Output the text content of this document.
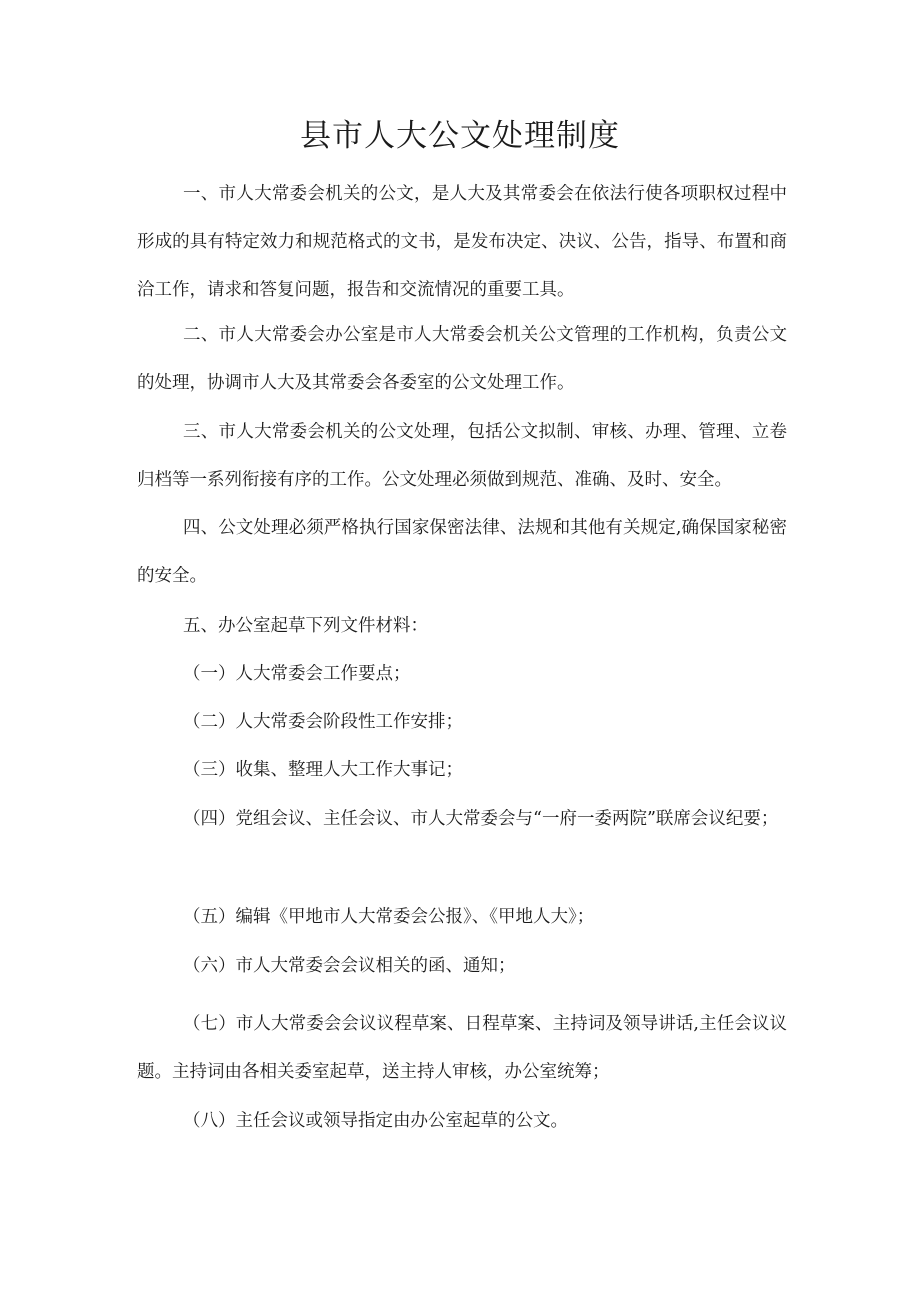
县市人大公文处理制度

一、市人大常委会机关的公文，是人大及其常委会在依法行使各项职权过程中形成的具有特定效力和规范格式的文书，是发布决定、决议、公告，指导、布置和商洽工作，请求和答复问题，报告和交流情况的重要工具。

二、市人大常委会办公室是市人大常委会机关公文管理的工作机构，负责公文的处理，协调市人大及其常委会各委室的公文处理工作。

三、市人大常委会机关的公文处理，包括公文拟制、审核、办理、管理、立卷归档等一系列衔接有序的工作。公文处理必须做到规范、准确、及时、安全。

四、公文处理必须严格执行国家保密法律、法规和其他有关规定,确保国家秘密的安全。

五、办公室起草下列文件材料：

（一）人大常委会工作要点；

（二）人大常委会阶段性工作安排；

（三）收集、整理人大工作大事记；

（四）党组会议、主任会议、市人大常委会与“一府一委两院”联席会议纪要；

（五）编辑《甲地市人大常委会公报》、《甲地人大》；

（六）市人大常委会会议相关的函、通知；

（七）市人大常委会会议议程草案、日程草案、主持词及领导讲话,主任会议议题。主持词由各相关委室起草，送主持人审核，办公室统筹；

（八）主任会议或领导指定由办公室起草的公文。
